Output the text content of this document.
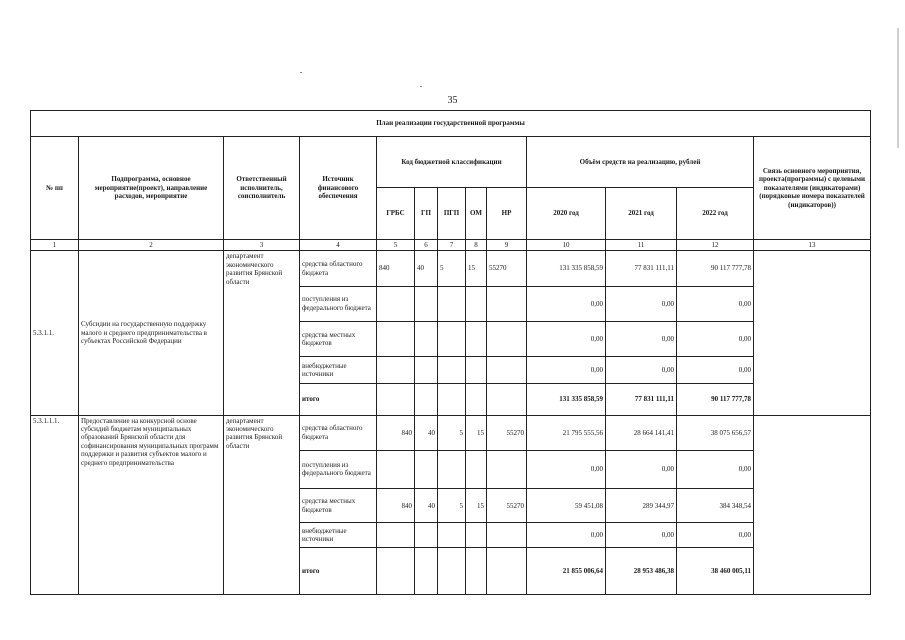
35
План реализации государственной программы												
№ пп	Подпрограмма, основное мероприятие(проект), направление расходов, мероприятие	Ответственный исполнитель, соисполнитель	Источник финансового обеспечения	Код бюджетной классификации					Объём средств на реализацию, рублей			Связь основного мероприятия, проекта(программы) с целевыми показателями (индикаторами) (порядковые номера показателей (индикаторов))
				ГРБС	ГП	ПГП	ОМ	НР	2020 год	2021 год	2022 год	
1	2	3	4	5	6	7	8	9	10	11	12	13
5.3.1.1.	Субсидии на государственную поддержку малого и среднего предпринимательства в субъектах Российской Федерации	департамент экономического развития Брянской области	средства областного бюджета	840	40	5	15	55270	131 335 858,59	77 831 111,11	90 117 777,78	
			поступления из федерального бюджета						0,00	0,00	0,00	
			средства местных бюджетов						0,00	0,00	0,00	
			внебюджетные источники						0,00	0,00	0,00	
			итого						131 335 858,59	77 831 111,11	90 117 777,78	
5.3.1.1.1.	Предоставление на конкурсной основе субсидий бюджетам муниципальных образований Брянской области для софинансирования муниципальных программ поддержки и развития субъектов малого и среднего предпринимательства	департамент экономического развития Брянской области	средства областного бюджета	840	40	5	15	55270	21 795 555,56	28 664 141,41	38 075 656,57	
			поступления из федерального бюджета						0,00	0,00	0,00	
			средства местных бюджетов	840	40	5	15	55270	59 451,08	289 344,97	384 348,54	
			внебюджетные источники						0,00	0,00	0,00	
			итого						21 855 006,64	28 953 486,38	38 460 005,11	
